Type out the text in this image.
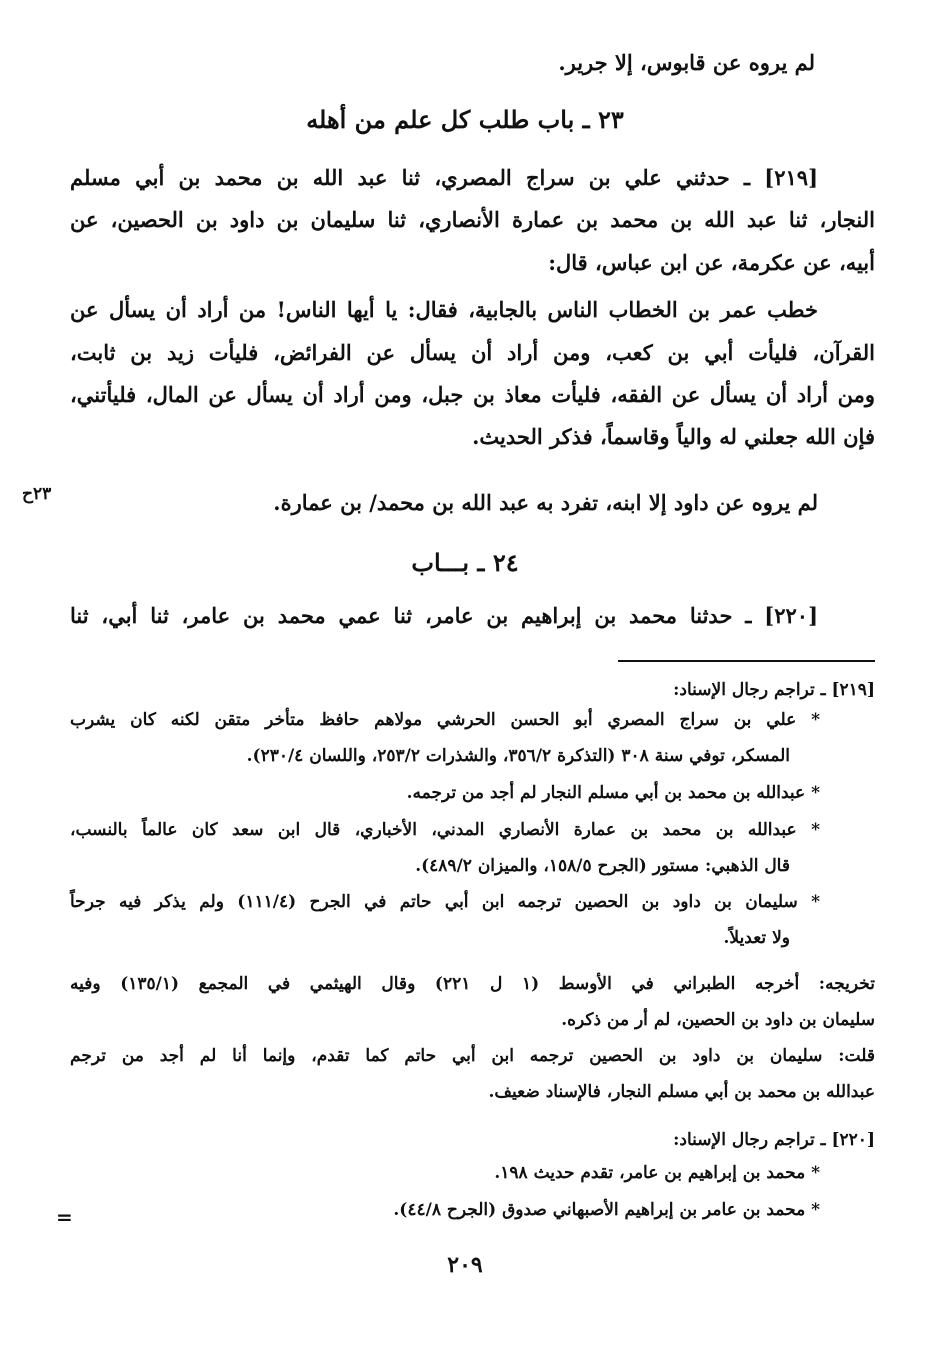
لم يروه عن قابوس، إلا جرير.

٢٣ ـ باب طلب كل علم من أهله

[٢١٩] ـ حدثني علي بن سراج المصري، ثنا عبد الله بن محمد بن أبي مسلم

النجار، ثنا عبد الله بن محمد بن عمارة الأنصاري، ثنا سليمان بن داود بن الحصين، عن

أبيه، عن عكرمة، عن ابن عباس، قال:

خطب عمر بن الخطاب الناس بالجابية، فقال: يا أيها الناس! من أراد أن يسأل عن

القرآن، فليأت أبي بن كعب، ومن أراد أن يسأل عن الفرائض، فليأت زيد بن ثابت،

ومن أراد أن يسأل عن الفقه، فليأت معاذ بن جبل، ومن أراد أن يسأل عن المال، فليأتني،

فإن الله جعلني له والياً وقاسماً، فذكر الحديث.

لم يروه عن داود إلا ابنه، تفرد به عبد الله بن محمد/ بن عمارة.

٢٣ح
٢٤ ـ بـــاب

[٢٢٠] ـ حدثنا محمد بن إبراهيم بن عامر، ثنا عمي محمد بن عامر، ثنا أبي، ثنا

[٢١٩] ـ تراجم رجال الإسناد:

* علي بن سراج المصري أبو الحسن الحرشي مولاهم حافظ متأخر متقن لكنه كان يشرب

المسكر، توفي سنة ٣٠٨ (التذكرة ٣٥٦/٢، والشذرات ٢٥٣/٢، واللسان ٢٣٠/٤).

* عبدالله بن محمد بن أبي مسلم النجار لم أجد من ترجمه.

* عبدالله بن محمد بن عمارة الأنصاري المدني، الأخباري، قال ابن سعد كان عالماً بالنسب،

قال الذهبي: مستور (الجرح ١٥٨/٥، والميزان ٤٨٩/٢).

* سليمان بن داود بن الحصين ترجمه ابن أبي حاتم في الجرح (١١١/٤) ولم يذكر فيه جرحاً

ولا تعديلاً.

تخريجه: أخرجه الطبراني في الأوسط (١ ل ٢٢١) وقال الهيثمي في المجمع (١٣٥/١) وفيه

سليمان بن داود بن الحصين، لم أر من ذكره.

قلت: سليمان بن داود بن الحصين ترجمه ابن أبي حاتم كما تقدم، وإنما أنا لم أجد من ترجم

عبدالله بن محمد بن أبي مسلم النجار، فالإسناد ضعيف.

[٢٢٠] ـ تراجم رجال الإسناد:

* محمد بن إبراهيم بن عامر، تقدم حديث ١٩٨.

* محمد بن عامر بن إبراهيم الأصبهاني صدوق (الجرح ٤٤/٨).

=
٢٠٩
